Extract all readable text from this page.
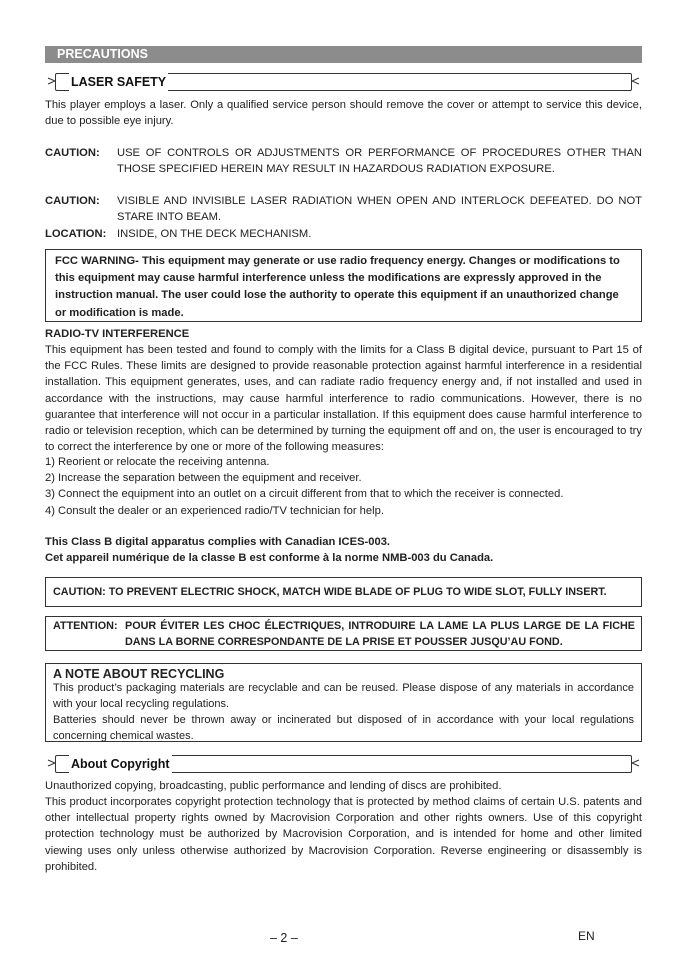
PRECAUTIONS
LASER SAFETY
This player employs a laser. Only a qualified service person should remove the cover or attempt to service this device, due to possible eye injury.
CAUTION: USE OF CONTROLS OR ADJUSTMENTS OR PERFORMANCE OF PROCEDURES OTHER THAN THOSE SPECIFIED HEREIN MAY RESULT IN HAZARDOUS RADIATION EXPOSURE.
CAUTION: VISIBLE AND INVISIBLE LASER RADIATION WHEN OPEN AND INTERLOCK DEFEATED. DO NOT STARE INTO BEAM.
LOCATION: INSIDE, ON THE DECK MECHANISM.
FCC WARNING- This equipment may generate or use radio frequency energy. Changes or modifications to this equipment may cause harmful interference unless the modifications are expressly approved in the instruction manual. The user could lose the authority to operate this equipment if an unauthorized change or modification is made.
RADIO-TV INTERFERENCE
This equipment has been tested and found to comply with the limits for a Class B digital device, pursuant to Part 15 of the FCC Rules. These limits are designed to provide reasonable protection against harmful interference in a residential installation. This equipment generates, uses, and can radiate radio frequency energy and, if not installed and used in accordance with the instructions, may cause harmful interference to radio communications. However, there is no guarantee that interference will not occur in a particular installation. If this equipment does cause harmful interference to radio or television reception, which can be determined by turning the equipment off and on, the user is encouraged to try to correct the interference by one or more of the following measures:
1) Reorient or relocate the receiving antenna.
2) Increase the separation between the equipment and receiver.
3) Connect the equipment into an outlet on a circuit different from that to which the receiver is connected.
4) Consult the dealer or an experienced radio/TV technician for help.
This Class B digital apparatus complies with Canadian ICES-003.
Cet appareil numérique de la classe B est conforme à la norme NMB-003 du Canada.
CAUTION: TO PREVENT ELECTRIC SHOCK, MATCH WIDE BLADE OF PLUG TO WIDE SLOT, FULLY INSERT.
ATTENTION: POUR ÉVITER LES CHOC ÉLECTRIQUES, INTRODUIRE LA LAME LA PLUS LARGE DE LA FICHE DANS LA BORNE CORRESPONDANTE DE LA PRISE ET POUSSER JUSQU’AU FOND.
A NOTE ABOUT RECYCLING
This product’s packaging materials are recyclable and can be reused. Please dispose of any materials in accordance with your local recycling regulations.
Batteries should never be thrown away or incinerated but disposed of in accordance with your local regulations concerning chemical wastes.
About Copyright
Unauthorized copying, broadcasting, public performance and lending of discs are prohibited.
This product incorporates copyright protection technology that is protected by method claims of certain U.S. patents and other intellectual property rights owned by Macrovision Corporation and other rights owners. Use of this copyright protection technology must be authorized by Macrovision Corporation, and is intended for home and other limited viewing uses only unless otherwise authorized by Macrovision Corporation. Reverse engineering or disassembly is prohibited.
– 2 –	EN
